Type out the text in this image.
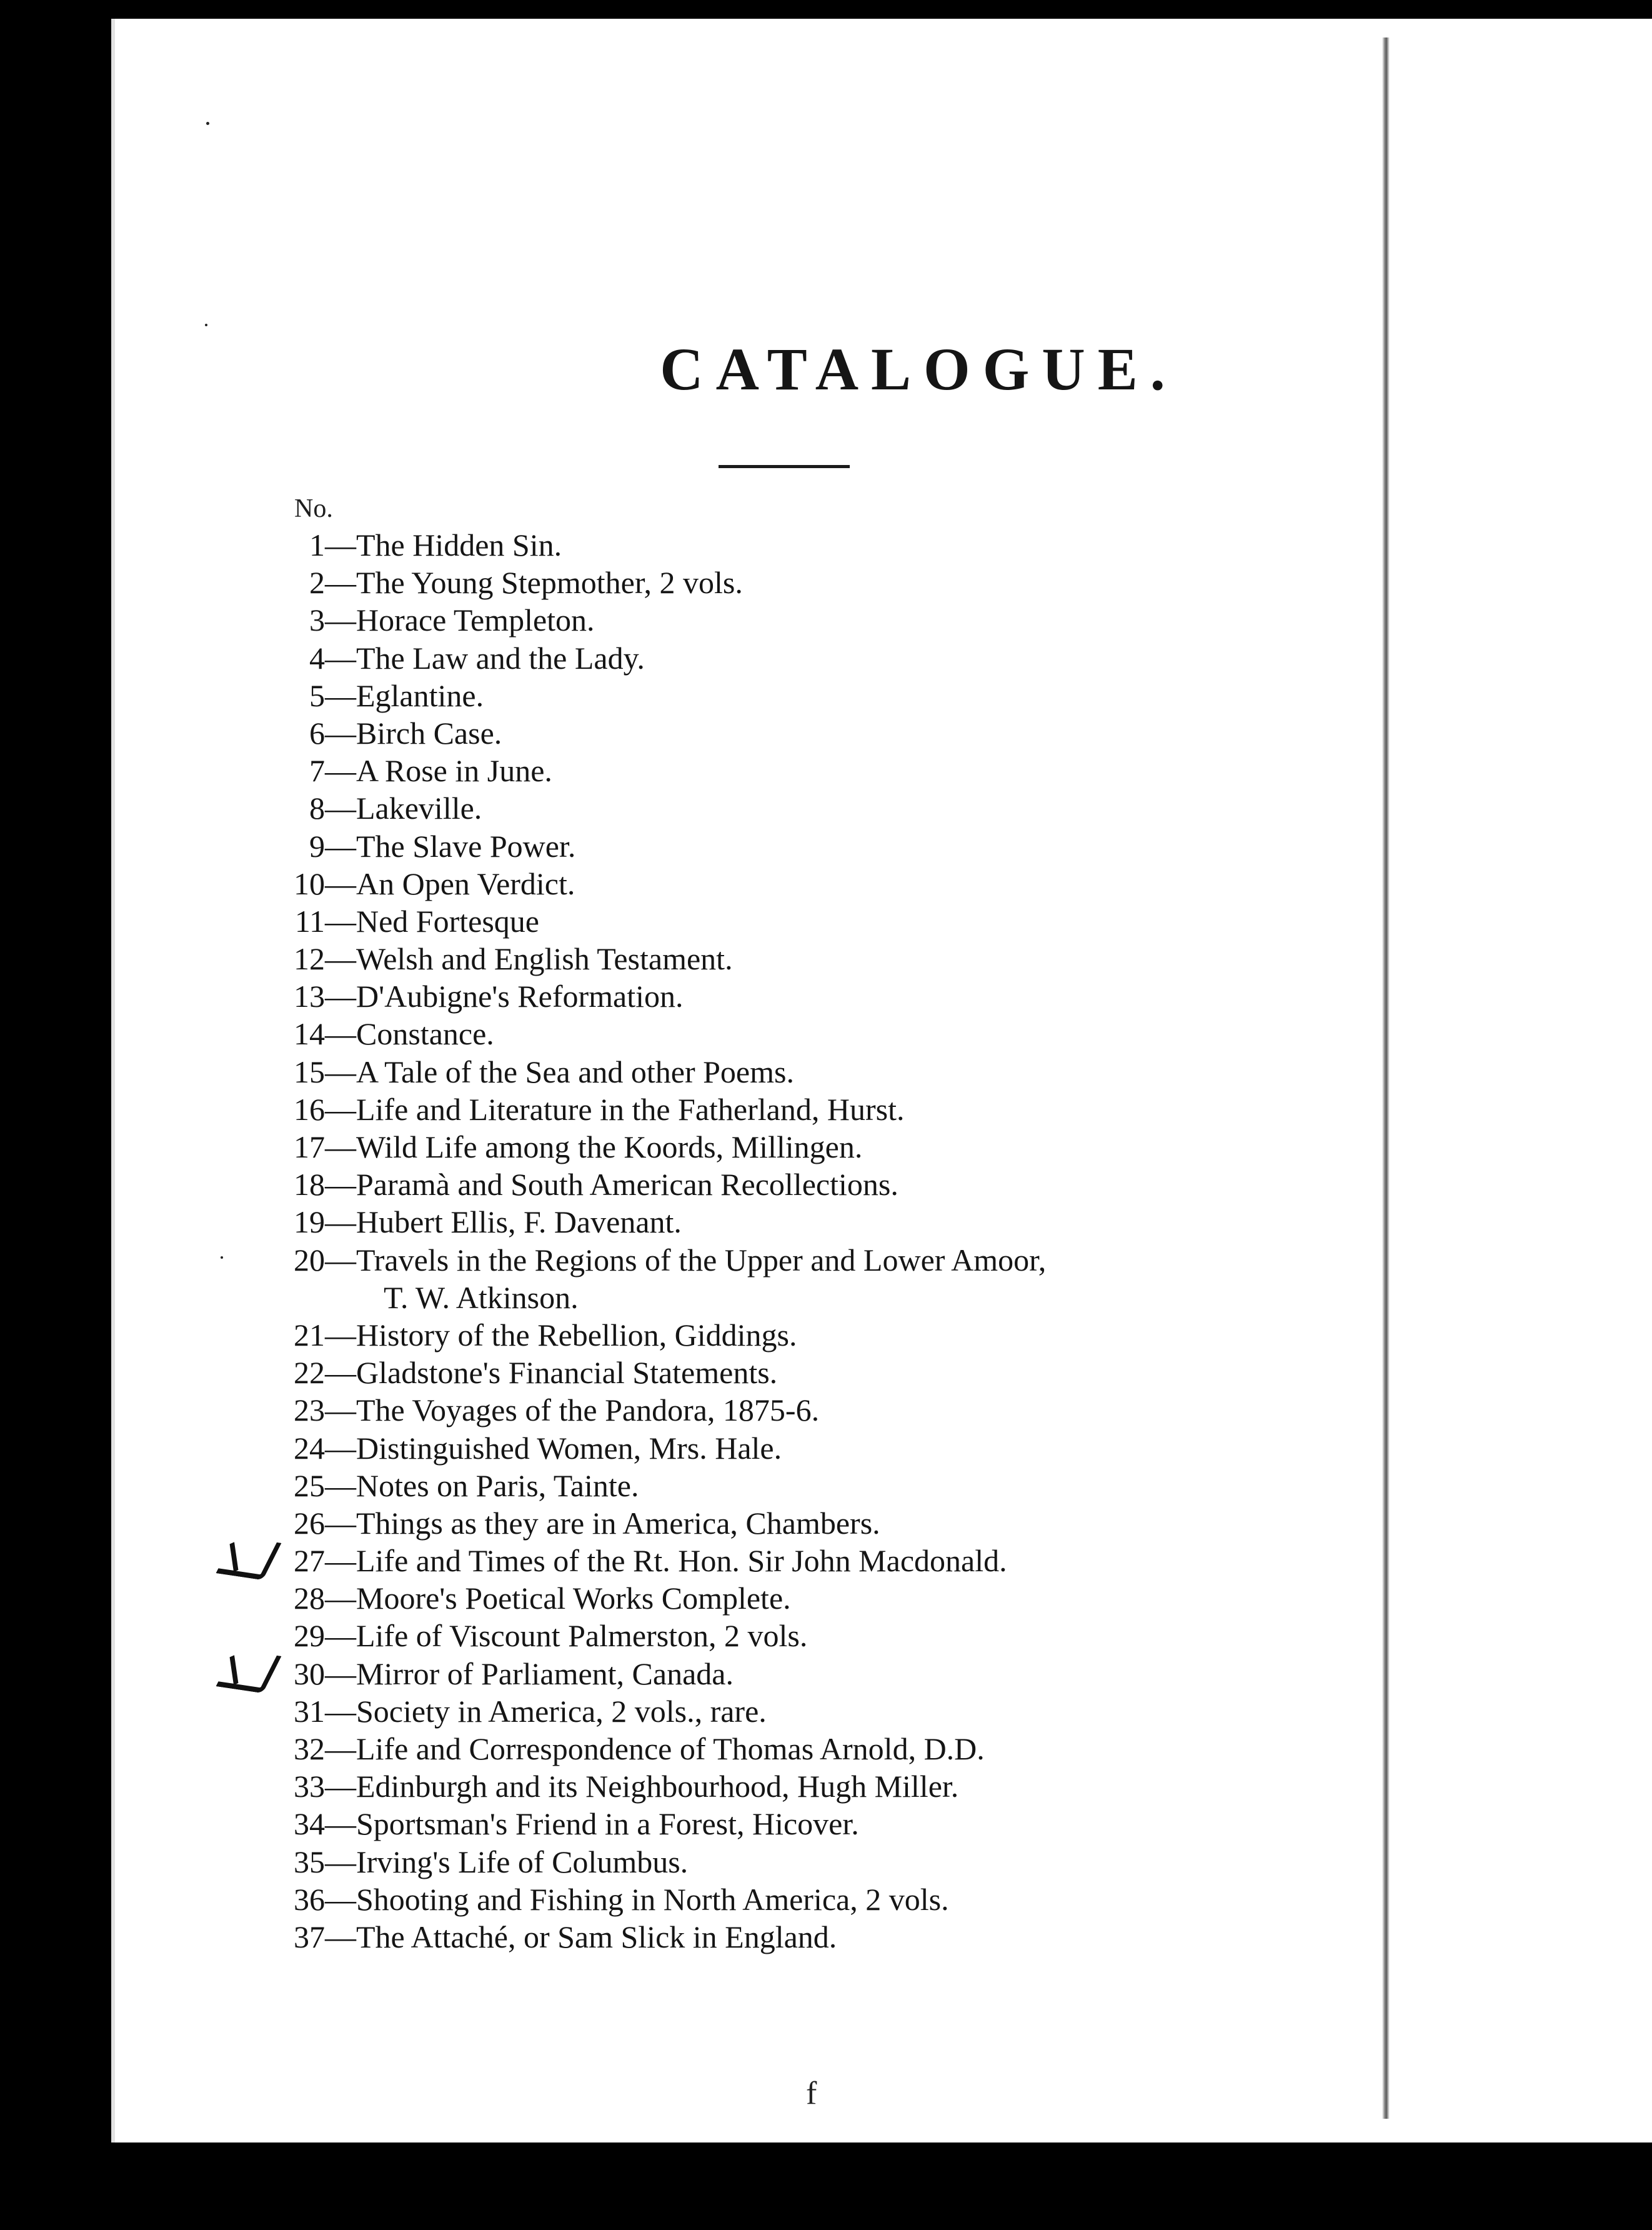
CATALOGUE.
No.
1—The Hidden Sin.
2—The Young Stepmother, 2 vols.
3—Horace Templeton.
4—The Law and the Lady.
5—Eglantine.
6—Birch Case.
7—A Rose in June.
8—Lakeville.
9—The Slave Power.
10—An Open Verdict.
11—Ned Fortesque
12—Welsh and English Testament.
13—D'Aubigne's Reformation.
14—Constance.
15—A Tale of the Sea and other Poems.
16—Life and Literature in the Fatherland, Hurst.
17—Wild Life among the Koords, Millingen.
18—Paramà and South American Recollections.
19—Hubert Ellis, F. Davenant.
20—Travels in the Regions of the Upper and Lower Amoor,
T. W. Atkinson.
21—History of the Rebellion, Giddings.
22—Gladstone's Financial Statements.
23—The Voyages of the Pandora, 1875-6.
24—Distinguished Women, Mrs. Hale.
25—Notes on Paris, Tainte.
26—Things as they are in America, Chambers.
27—Life and Times of the Rt. Hon. Sir John Macdonald.
28—Moore's Poetical Works Complete.
29—Life of Viscount Palmerston, 2 vols.
30—Mirror of Parliament, Canada.
31—Society in America, 2 vols., rare.
32—Life and Correspondence of Thomas Arnold, D.D.
33—Edinburgh and its Neighbourhood, Hugh Miller.
34—Sportsman's Friend in a Forest, Hicover.
35—Irving's Life of Columbus.
36—Shooting and Fishing in North America, 2 vols.
37—The Attaché, or Sam Slick in England.
f
